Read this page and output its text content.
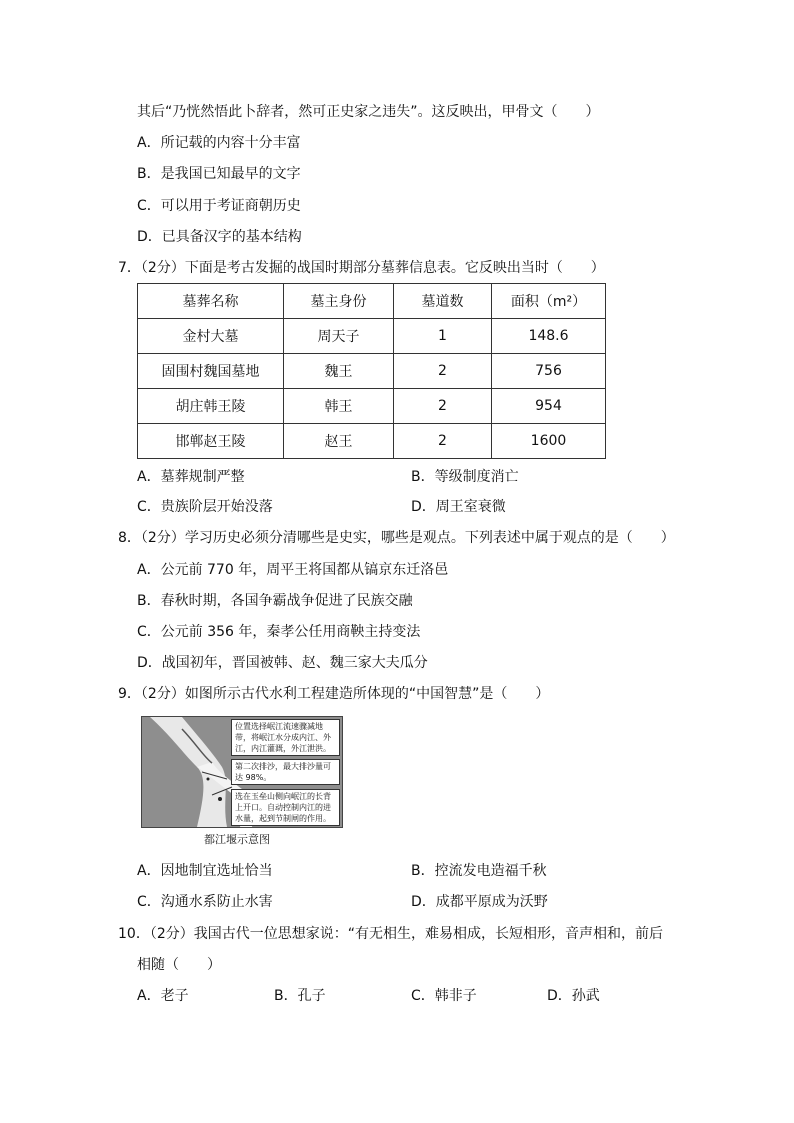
其后“乃恍然悟此卜辞者，然可正史家之违失”。这反映出，甲骨文（　　）
A．所记载的内容十分丰富
B．是我国已知最早的文字
C．可以用于考证商朝历史
D．已具备汉字的基本结构
7．（2分）下面是考古发掘的战国时期部分墓葬信息表。它反映出当时（　　）
墓葬名称	墓主身份	墓道数	面积（m²）
金村大墓	周天子	1	148.6
固围村魏国墓地	魏王	2	756
胡庄韩王陵	韩王	2	954
邯郸赵王陵	赵王	2	1600
A．墓葬规制严整	B．等级制度消亡
C．贵族阶层开始没落	D．周王室衰微
8．（2分）学习历史必须分清哪些是史实，哪些是观点。下列表述中属于观点的是（　　）
A．公元前 770 年，周平王将国都从镐京东迁洛邑
B．春秋时期，各国争霸战争促进了民族交融
C．公元前 356 年，秦孝公任用商鞅主持变法
D．战国初年，晋国被韩、赵、魏三家大夫瓜分
9．（2分）如图所示古代水利工程建造所体现的“中国智慧”是（　　）
位置选择岷江流速骤减地带，将岷江水分成内江、外江，内江灌溉，外江泄洪。
第二次排沙，最大排沙量可达 98%。
选在玉垒山侧向岷江的长背上开口。自动控制内江的进水量，起到节制闸的作用。
都江堰示意图
A．因地制宜选址恰当	B．控流发电造福千秋
C．沟通水系防止水害	D．成都平原成为沃野
10．（2分）我国古代一位思想家说：“有无相生，难易相成，长短相形，音声相和，前后
相随（　　）
A．老子	B．孔子	C．韩非子	D．孙武
